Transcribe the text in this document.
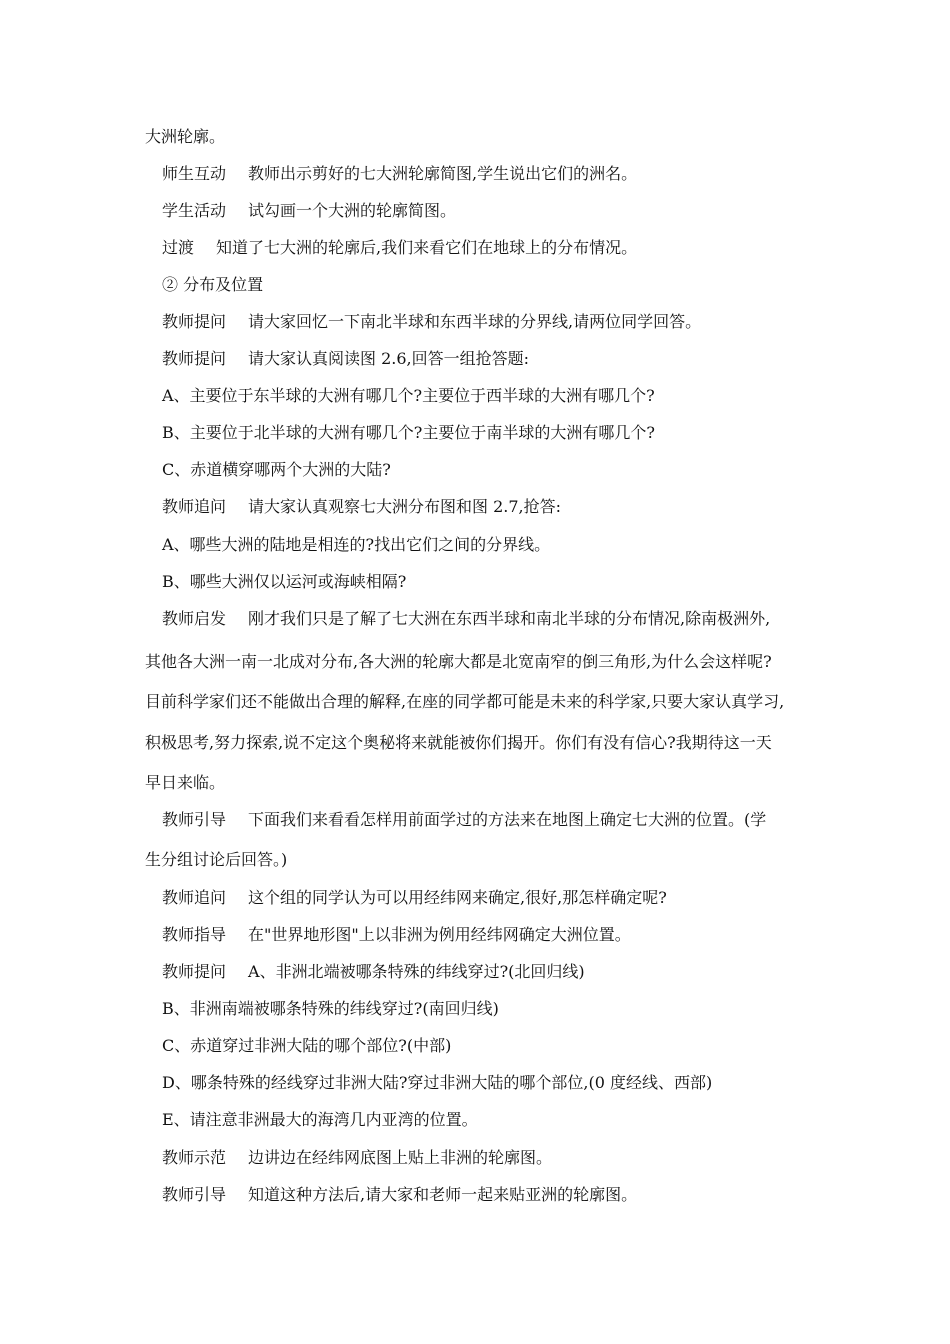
大洲轮廓。
师生互动 教师出示剪好的七大洲轮廓简图,学生说出它们的洲名。
学生活动 试勾画一个大洲的轮廓简图。
过渡 知道了七大洲的轮廓后,我们来看它们在地球上的分布情况。
② 分布及位置
教师提问 请大家回忆一下南北半球和东西半球的分界线,请两位同学回答。
教师提问 请大家认真阅读图 2.6,回答一组抢答题:
A、主要位于东半球的大洲有哪几个?主要位于西半球的大洲有哪几个?
B、主要位于北半球的大洲有哪几个?主要位于南半球的大洲有哪几个?
C、赤道横穿哪两个大洲的大陆?
教师追问 请大家认真观察七大洲分布图和图 2.7,抢答:
A、哪些大洲的陆地是相连的?找出它们之间的分界线。
B、哪些大洲仅以运河或海峡相隔?
教师启发 刚才我们只是了解了七大洲在东西半球和南北半球的分布情况,除南极洲外,
其他各大洲一南一北成对分布,各大洲的轮廓大都是北宽南窄的倒三角形,为什么会这样呢?
目前科学家们还不能做出合理的解释,在座的同学都可能是未来的科学家,只要大家认真学习,
积极思考,努力探索,说不定这个奥秘将来就能被你们揭开。你们有没有信心?我期待这一天
早日来临。
教师引导 下面我们来看看怎样用前面学过的方法来在地图上确定七大洲的位置。(学
生分组讨论后回答。)
教师追问 这个组的同学认为可以用经纬网来确定,很好,那怎样确定呢?
教师指导 在"世界地形图"上以非洲为例用经纬网确定大洲位置。
教师提问 A、非洲北端被哪条特殊的纬线穿过?(北回归线)
B、非洲南端被哪条特殊的纬线穿过?(南回归线)
C、赤道穿过非洲大陆的哪个部位?(中部)
D、哪条特殊的经线穿过非洲大陆?穿过非洲大陆的哪个部位,(0 度经线、西部)
E、请注意非洲最大的海湾几内亚湾的位置。
教师示范 边讲边在经纬网底图上贴上非洲的轮廓图。
教师引导 知道这种方法后,请大家和老师一起来贴亚洲的轮廓图。
